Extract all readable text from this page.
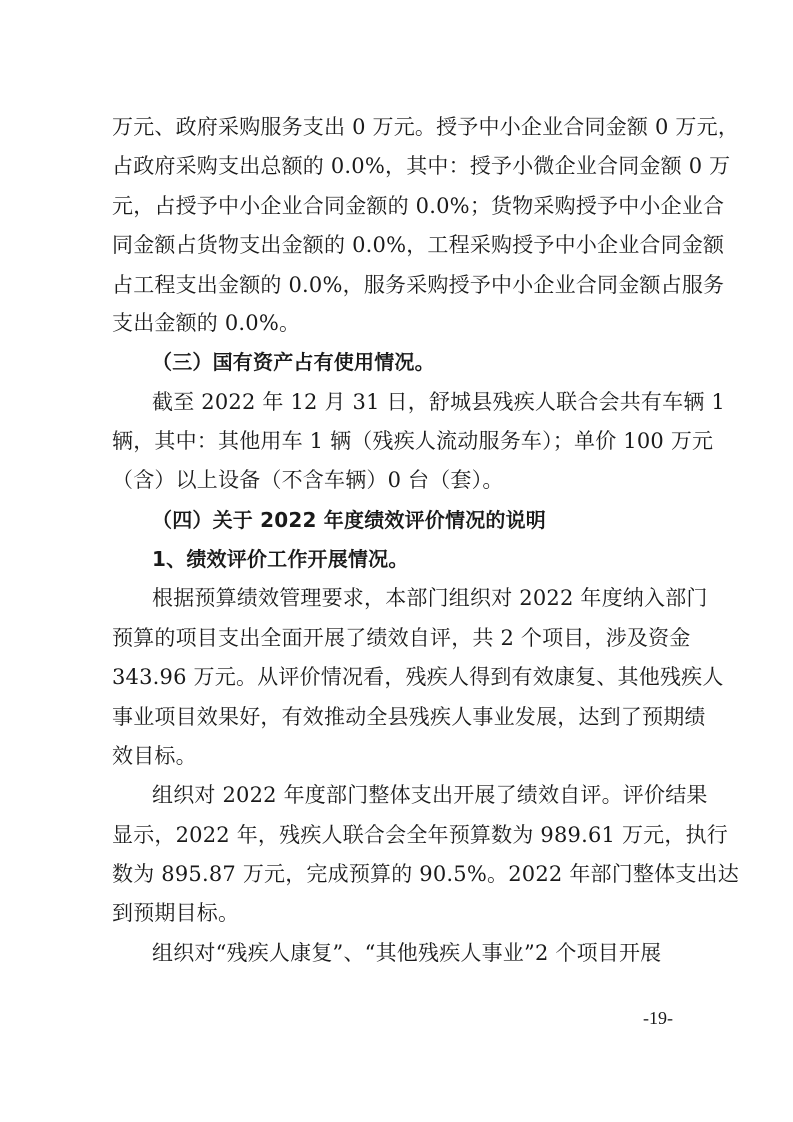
万元、政府采购服务支出 0 万元。授予中小企业合同金额 0 万元，
占政府采购支出总额的 0.0%，其中：授予小微企业合同金额 0 万
元，占授予中小企业合同金额的 0.0%；货物采购授予中小企业合
同金额占货物支出金额的 0.0%，工程采购授予中小企业合同金额
占工程支出金额的 0.0%，服务采购授予中小企业合同金额占服务
支出金额的 0.0%。
（三）国有资产占有使用情况。
截至 2022 年 12 月 31 日，舒城县残疾人联合会共有车辆 1
辆，其中：其他用车 1 辆（残疾人流动服务车）；单价 100 万元
（含）以上设备（不含车辆）0 台（套）。
（四）关于 2022 年度绩效评价情况的说明
1、绩效评价工作开展情况。
根据预算绩效管理要求，本部门组织对 2022 年度纳入部门
预算的项目支出全面开展了绩效自评，共 2 个项目，涉及资金
343.96 万元。从评价情况看，残疾人得到有效康复、其他残疾人
事业项目效果好，有效推动全县残疾人事业发展，达到了预期绩
效目标。
组织对 2022 年度部门整体支出开展了绩效自评。评价结果
显示，2022 年，残疾人联合会全年预算数为 989.61 万元，执行
数为 895.87 万元，完成预算的 90.5%。2022 年部门整体支出达
到预期目标。
组织对“残疾人康复”、“其他残疾人事业”2 个项目开展
-19-
